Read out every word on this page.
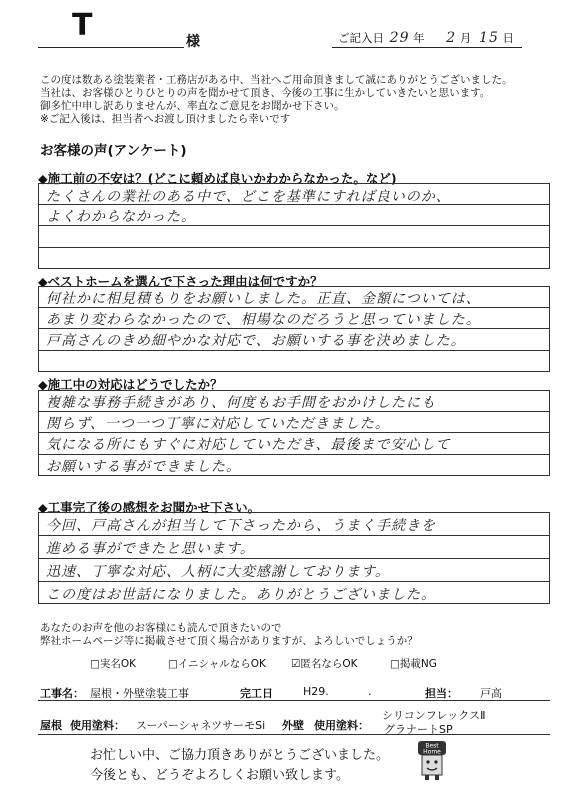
T	様	ご記入日 29 年 2 月 15 日
この度は数ある塗装業者・工務店がある中、当社へご用命頂きまして誠にありがとうございました。
当社は、お客様ひとりひとりの声を聞かせて頂き、今後の工事に生かしていきたいと思います。
御多忙中申し訳ありませんが、率直なご意見をお聞かせ下さい。
※ご記入後は、担当者へお渡し頂けましたら幸いです
お客様の声(アンケート)
◆施工前の不安は？(どこに頼めば良いかわからなかった。など)
たくさんの業社のある中で、どこを基準にすれば良いのか、
よくわからなかった。
◆ベストホームを選んで下さった理由は何ですか？
何社かに相見積もりをお願いしました。正直、金額については、
あまり変わらなかったので、相場なのだろうと思っていました。
戸高さんのきめ細やかな対応で、お願いする事を決めました。
◆施工中の対応はどうでしたか？
複雑な事務手続きがあり、何度もお手間をおかけしたにも
関らず、一つ一つ丁寧に対応していただきました。
気になる所にもすぐに対応していただき、最後まで安心して
お願いする事ができました。
◆工事完了後の感想をお聞かせ下さい。
今回、戸高さんが担当して下さったから、うまく手続きを
進める事ができたと思います。
迅速、丁寧な対応、人柄に大変感謝しております。
この度はお世話になりました。ありがとうございました。
あなたのお声を他のお客様にも読んで頂きたいので
弊社ホームページ等に掲載させて頂く場合がありますが、よろしいでしょうか？
□実名OK	□イニシャルならOK ☑匿名ならOK	□掲載NG
工事名： 屋根・外壁塗装工事	完工日	H29.	.	担当： 戸高
屋根 使用塗料： スーパーシャネツサーモSi 外壁 使用塗料：
シリコンフレックスⅡ
グラナートSP
お忙しい中、ご協力頂きありがとうございました。
今後とも、どうぞよろしくお願い致します。
Best
Home
